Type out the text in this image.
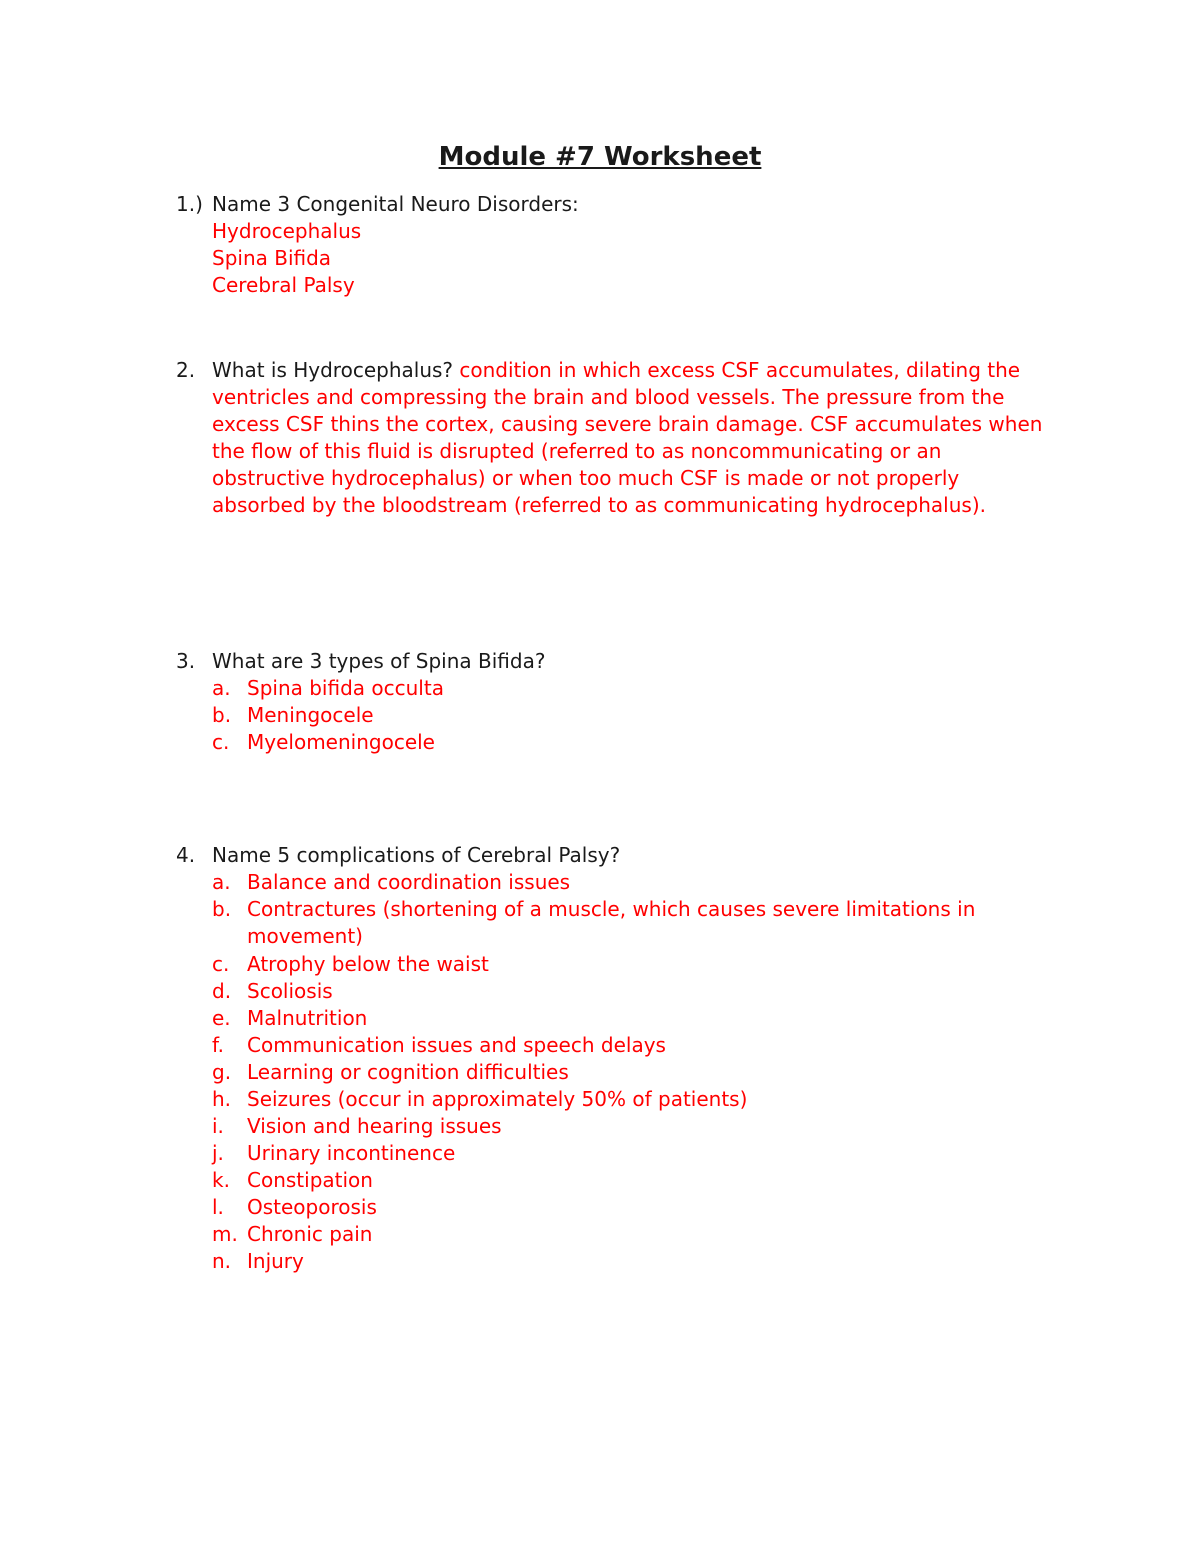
Module #7 Worksheet
1.) Name 3 Congenital Neuro Disorders:
Hydrocephalus
Spina Bifida
Cerebral Palsy
2. What is Hydrocephalus? condition in which excess CSF accumulates, dilating the ventricles and compressing the brain and blood vessels. The pressure from the excess CSF thins the cortex, causing severe brain damage. CSF accumulates when the flow of this fluid is disrupted (referred to as noncommunicating or an obstructive hydrocephalus) or when too much CSF is made or not properly absorbed by the bloodstream (referred to as communicating hydrocephalus).
3. What are 3 types of Spina Bifida?
a. Spina bifida occulta
b. Meningocele
c. Myelomeningocele
4. Name 5 complications of Cerebral Palsy?
a. Balance and coordination issues
b. Contractures (shortening of a muscle, which causes severe limitations in
movement)
c. Atrophy below the waist
d. Scoliosis
e. Malnutrition
f. Communication issues and speech delays
g. Learning or cognition difficulties
h. Seizures (occur in approximately 50% of patients)
i. Vision and hearing issues
j. Urinary incontinence
k. Constipation
l. Osteoporosis
m. Chronic pain
n. Injury
